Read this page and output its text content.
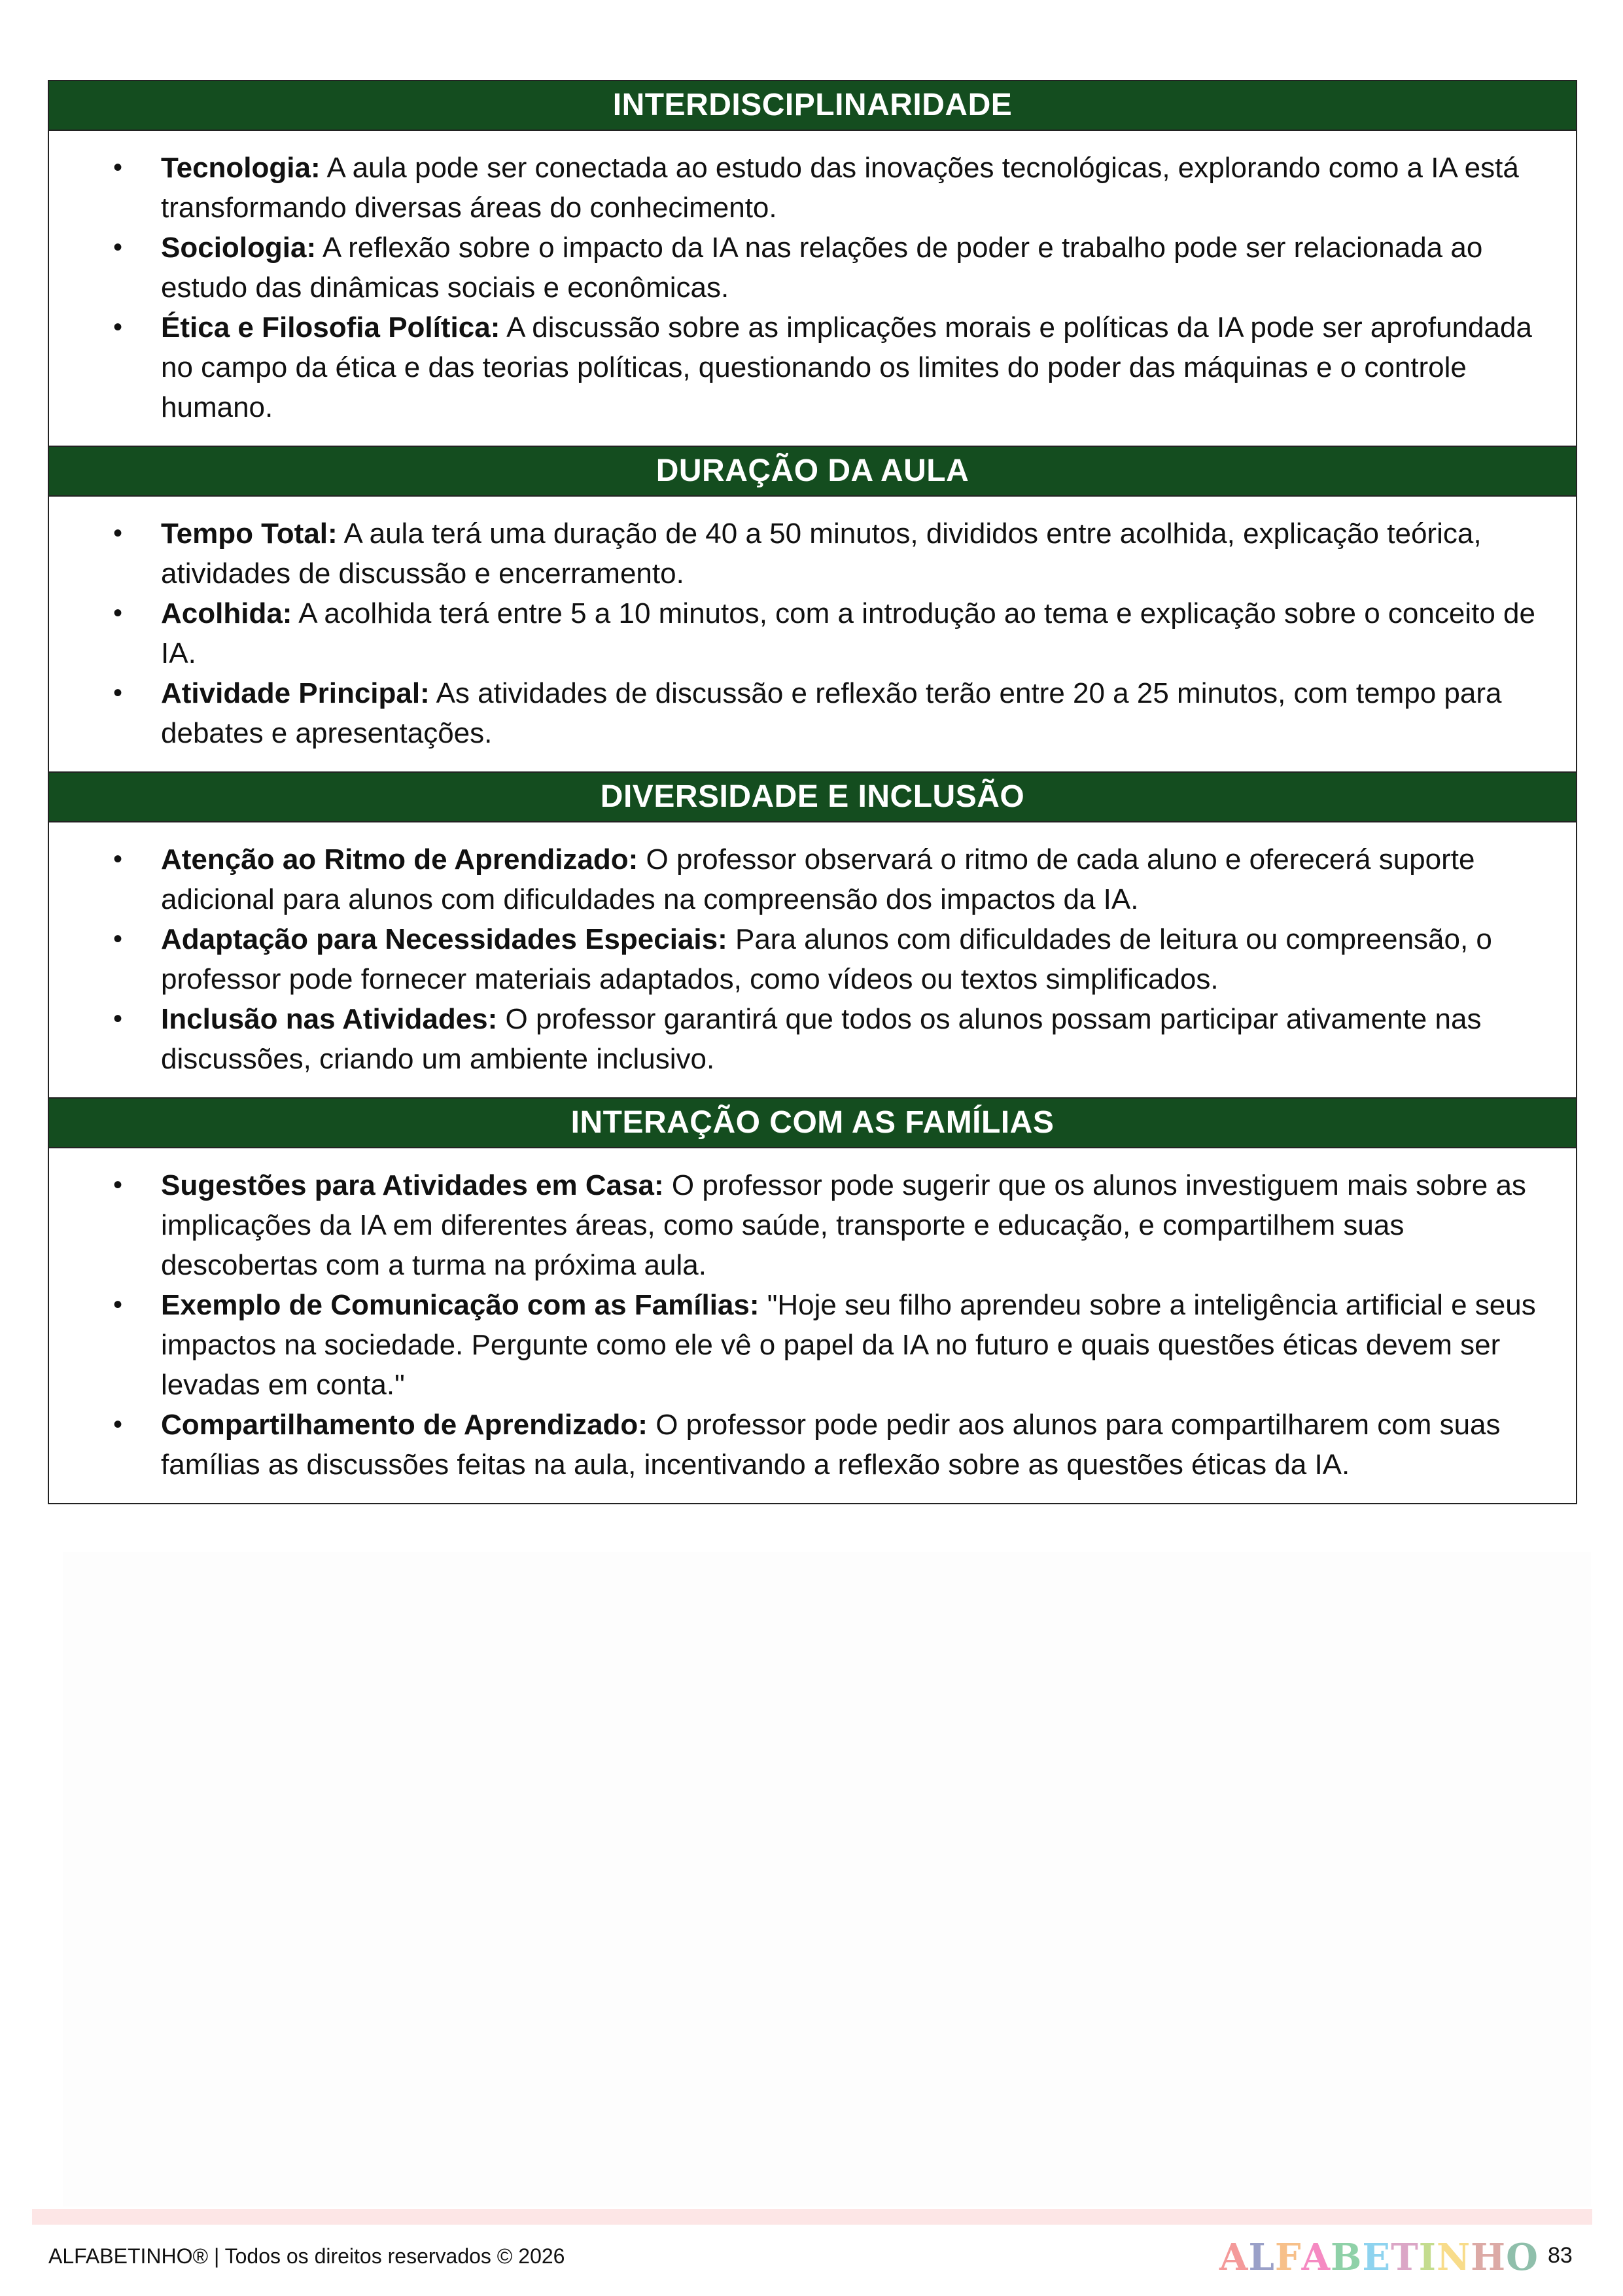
INTERDISCIPLINARIDADE
• Tecnologia: A aula pode ser conectada ao estudo das inovações tecnológicas, explorando como a IA está transformando diversas áreas do conhecimento.
• Sociologia: A reflexão sobre o impacto da IA nas relações de poder e trabalho pode ser relacionada ao estudo das dinâmicas sociais e econômicas.
• Ética e Filosofia Política: A discussão sobre as implicações morais e políticas da IA pode ser aprofundada no campo da ética e das teorias políticas, questionando os limites do poder das máquinas e o controle humano.
DURAÇÃO DA AULA
• Tempo Total: A aula terá uma duração de 40 a 50 minutos, divididos entre acolhida, explicação teórica, atividades de discussão e encerramento.
• Acolhida: A acolhida terá entre 5 a 10 minutos, com a introdução ao tema e explicação sobre o conceito de IA.
• Atividade Principal: As atividades de discussão e reflexão terão entre 20 a 25 minutos, com tempo para debates e apresentações.
DIVERSIDADE E INCLUSÃO
• Atenção ao Ritmo de Aprendizado: O professor observará o ritmo de cada aluno e oferecerá suporte adicional para alunos com dificuldades na compreensão dos impactos da IA.
• Adaptação para Necessidades Especiais: Para alunos com dificuldades de leitura ou compreensão, o professor pode fornecer materiais adaptados, como vídeos ou textos simplificados.
• Inclusão nas Atividades: O professor garantirá que todos os alunos possam participar ativamente nas discussões, criando um ambiente inclusivo.
INTERAÇÃO COM AS FAMÍLIAS
• Sugestões para Atividades em Casa: O professor pode sugerir que os alunos investiguem mais sobre as implicações da IA em diferentes áreas, como saúde, transporte e educação, e compartilhem suas descobertas com a turma na próxima aula.
• Exemplo de Comunicação com as Famílias: "Hoje seu filho aprendeu sobre a inteligência artificial e seus impactos na sociedade. Pergunte como ele vê o papel da IA no futuro e quais questões éticas devem ser levadas em conta."
• Compartilhamento de Aprendizado: O professor pode pedir aos alunos para compartilharem com suas famílias as discussões feitas na aula, incentivando a reflexão sobre as questões éticas da IA.
ALFABETINHO® | Todos os direitos reservados © 2026	ALFABETINHO 83
